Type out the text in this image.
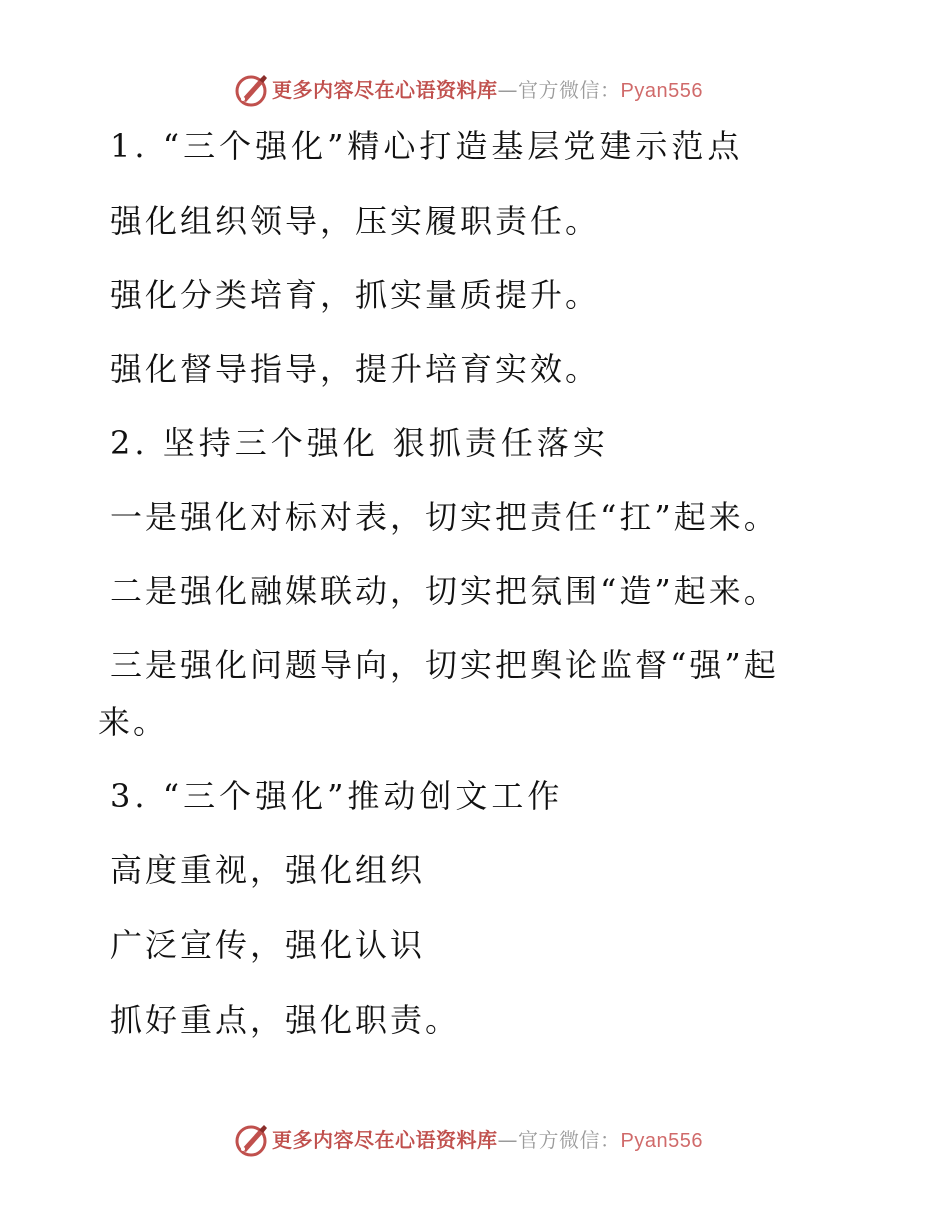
更多内容尽在心语资料库—官方微信：Pyan556
1. “三个强化”精心打造基层党建示范点
强化组织领导，压实履职责任。
强化分类培育，抓实量质提升。
强化督导指导，提升培育实效。
2. 坚持三个强化 狠抓责任落实
一是强化对标对表，切实把责任“扛”起来。
二是强化融媒联动，切实把氛围“造”起来。
三是强化问题导向，切实把舆论监督“强”起
来。
3. “三个强化”推动创文工作
高度重视，强化组织
广泛宣传，强化认识
抓好重点，强化职责。
更多内容尽在心语资料库—官方微信：Pyan556
